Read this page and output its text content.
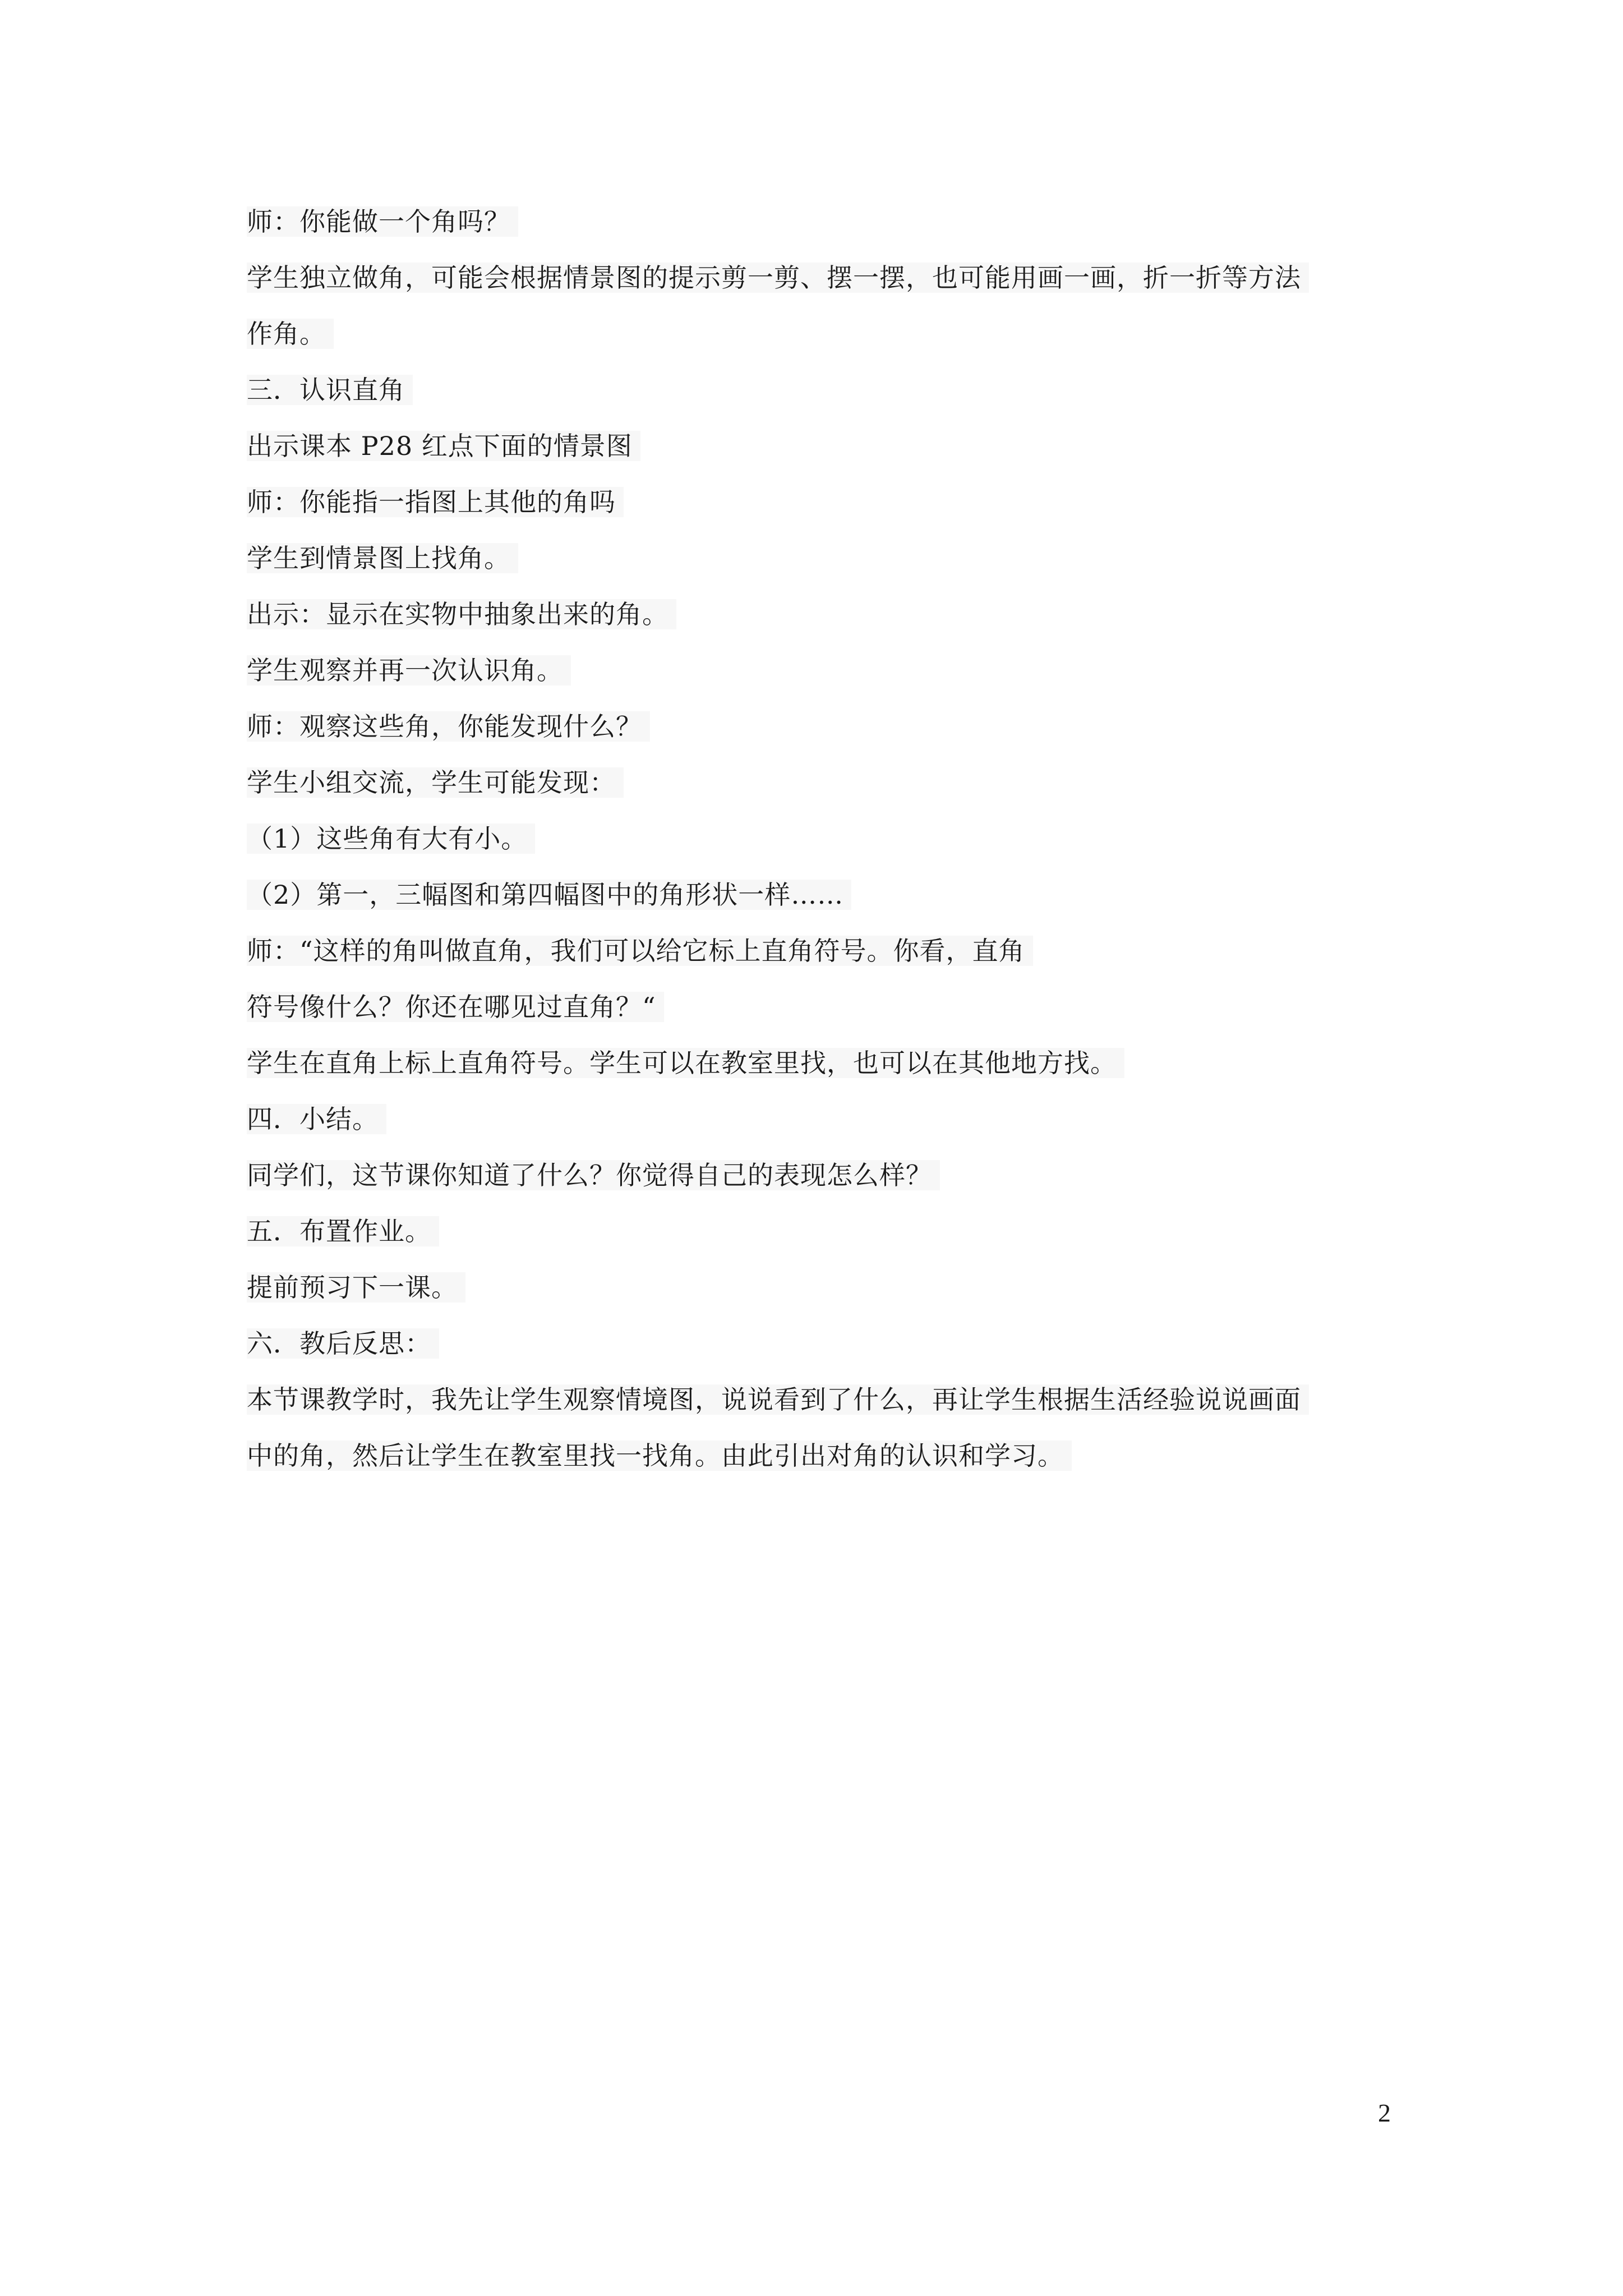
师：你能做一个角吗？
学生独立做角，可能会根据情景图的提示剪一剪、摆一摆，也可能用画一画，折一折等方法
作角。
三．认识直角
出示课本 P28 红点下面的情景图
师：你能指一指图上其他的角吗
学生到情景图上找角。
出示：显示在实物中抽象出来的角。
学生观察并再一次认识角。
师：观察这些角，你能发现什么？
学生小组交流，学生可能发现：
（1）这些角有大有小。
（2）第一，三幅图和第四幅图中的角形状一样……
师：“这样的角叫做直角，我们可以给它标上直角符号。你看，直角
符号像什么？你还在哪见过直角？“
学生在直角上标上直角符号。学生可以在教室里找，也可以在其他地方找。
四．小结。
同学们，这节课你知道了什么？你觉得自己的表现怎么样？
五．布置作业。
提前预习下一课。
六．教后反思：
本节课教学时，我先让学生观察情境图，说说看到了什么，再让学生根据生活经验说说画面
中的角，然后让学生在教室里找一找角。由此引出对角的认识和学习。
2
